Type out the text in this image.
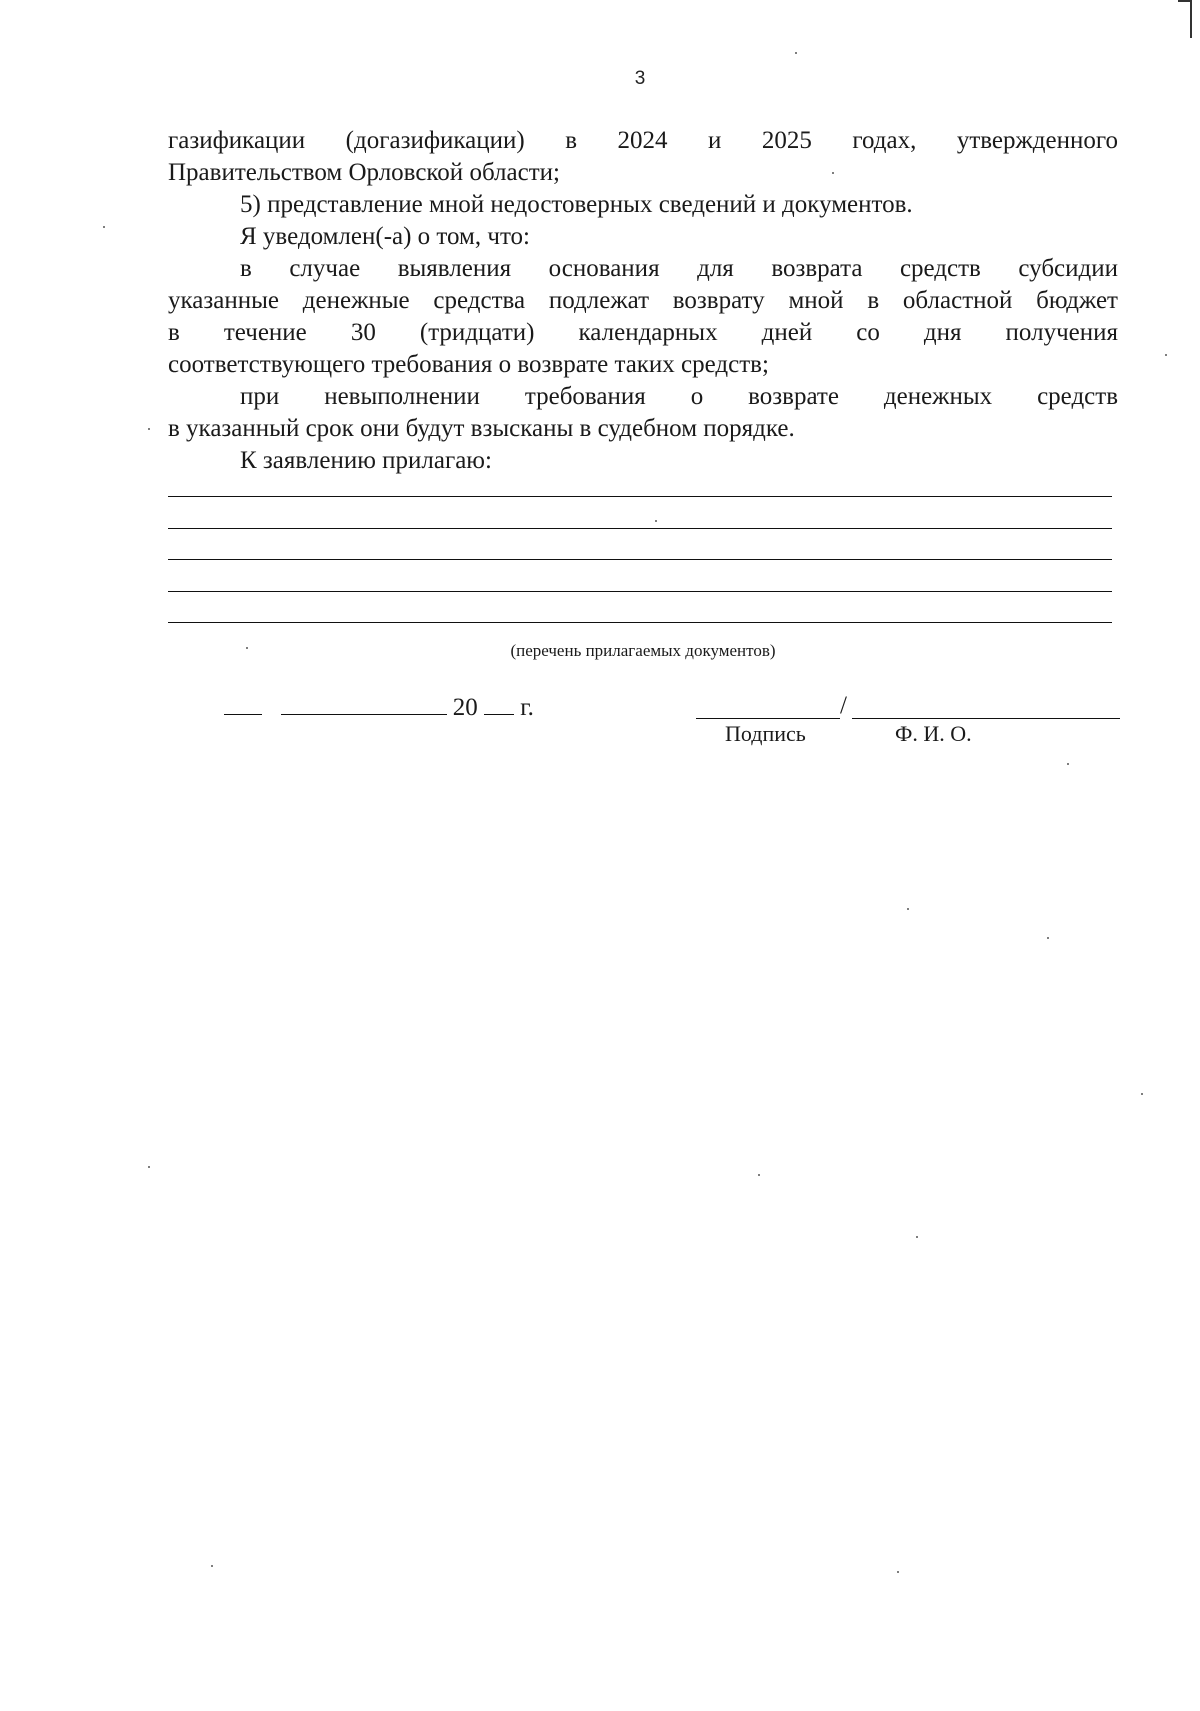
3

газификации (догазификации) в 2024 и 2025 годах, утвержденного

Правительством Орловской области;

5) представление мной недостоверных сведений и документов.

Я уведомлен(-а) о том, что:

в случае выявления основания для возврата средств субсидии

указанные денежные средства подлежат возврату мной в областной бюджет

в течение 30 (тридцати) календарных дней со дня получения

соответствующего требования о возврате таких средств;

при невыполнении требования о возврате денежных средств

в указанный срок они будут взысканы в судебном порядке.

К заявлению прилагаю:

(перечень прилагаемых документов)
20 г.	/
Подпись	Ф. И. О.
